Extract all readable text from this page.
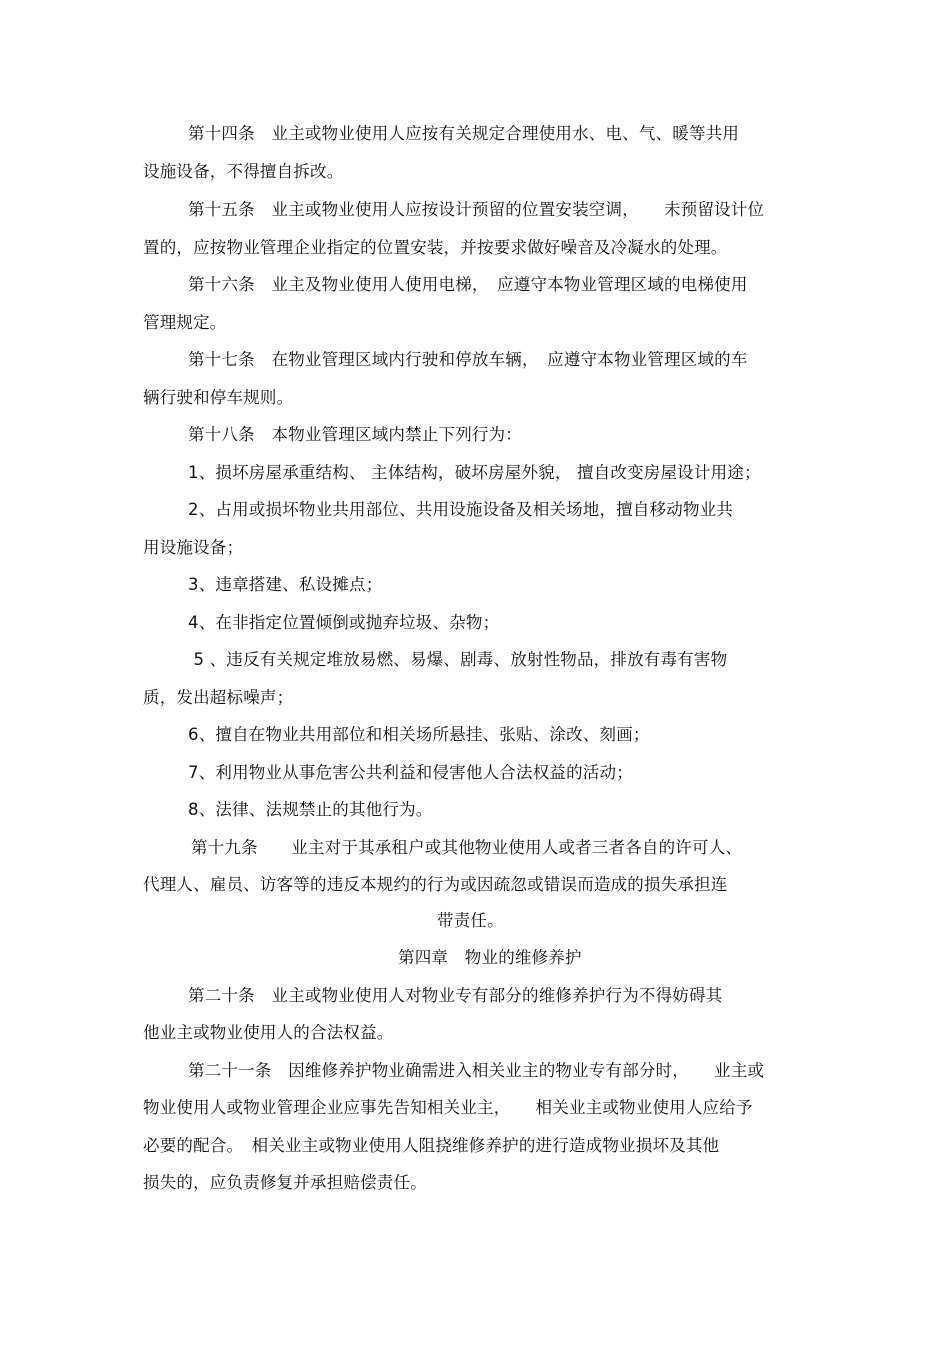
第十四条　业主或物业使用人应按有关规定合理使用水、电、气、暖等共用
设施设备，不得擅自拆改。
第十五条　业主或物业使用人应按设计预留的位置安装空调，　　未预留设计位
置的，应按物业管理企业指定的位置安装，并按要求做好噪音及冷凝水的处理。
第十六条　业主及物业使用人使用电梯，　应遵守本物业管理区域的电梯使用
管理规定。
第十七条　在物业管理区域内行驶和停放车辆，　应遵守本物业管理区域的车
辆行驶和停车规则。
第十八条　本物业管理区域内禁止下列行为：
1、损坏房屋承重结构、 主体结构，破坏房屋外貌， 擅自改变房屋设计用途；
2、占用或损坏物业共用部位、共用设施设备及相关场地，擅自移动物业共
用设施设备；
3、违章搭建、私设摊点；
4、在非指定位置倾倒或抛弃垃圾、杂物；
5 、违反有关规定堆放易燃、易爆、剧毒、放射性物品，排放有毒有害物
质，发出超标噪声；
6、擅自在物业共用部位和相关场所悬挂、张贴、涂改、刻画；
7、利用物业从事危害公共利益和侵害他人合法权益的活动；
8、法律、法规禁止的其他行为。
第十九条　　业主对于其承租户或其他物业使用人或者三者各自的许可人、
代理人、雇员、访客等的违反本规约的行为或因疏忽或错误而造成的损失承担连
带责任。
第四章　物业的维修养护
第二十条　业主或物业使用人对物业专有部分的维修养护行为不得妨碍其
他业主或物业使用人的合法权益。
第二十一条　因维修养护物业确需进入相关业主的物业专有部分时，　　业主或
物业使用人或物业管理企业应事先告知相关业主，　　相关业主或物业使用人应给予
必要的配合。　相关业主或物业使用人阻挠维修养护的进行造成物业损坏及其他
损失的，应负责修复并承担赔偿责任。
